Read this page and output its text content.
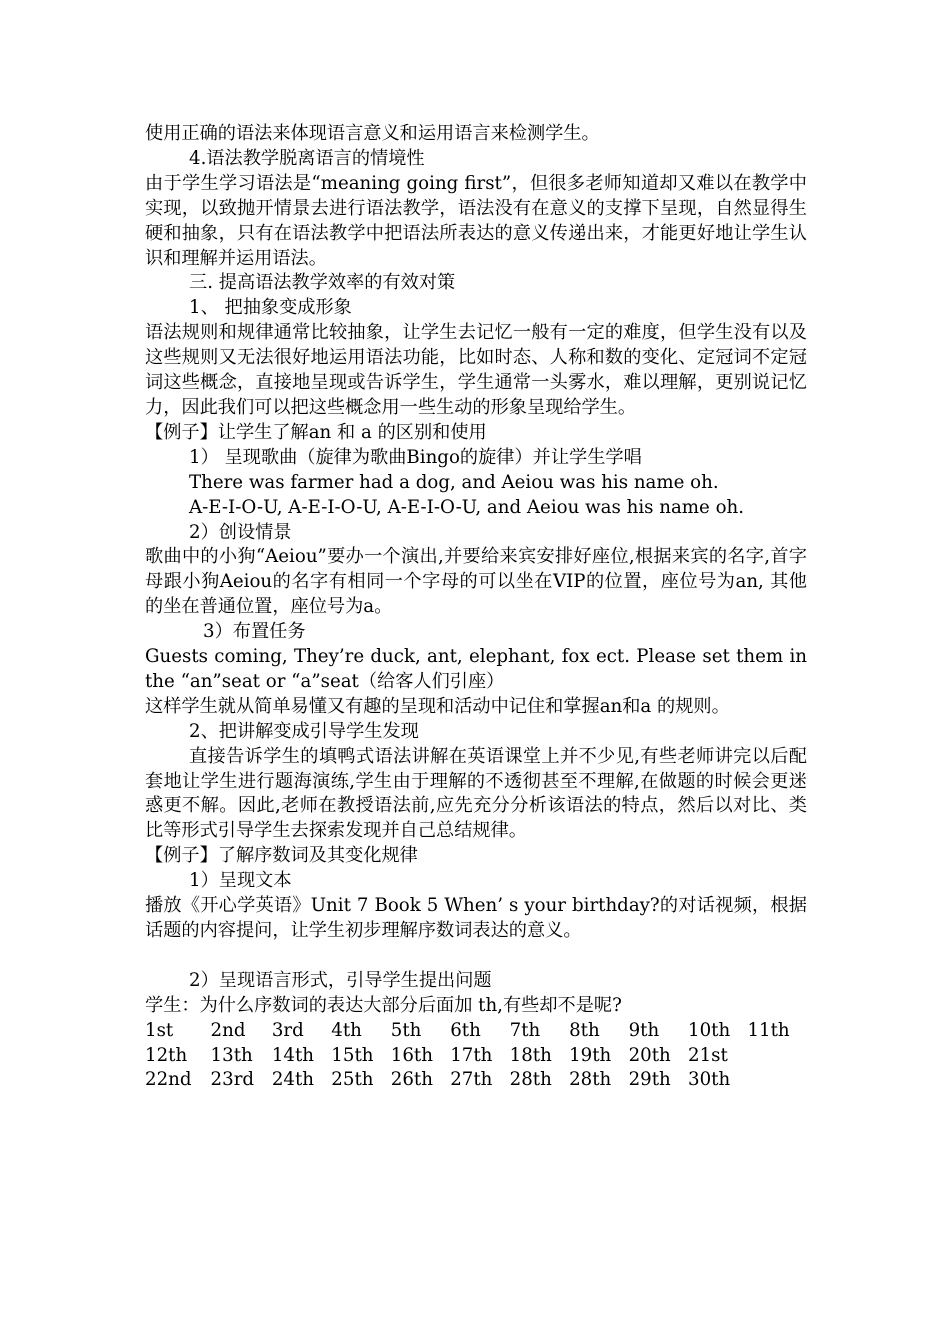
使用正确的语法来体现语言意义和运用语言来检测学生。

4.语法教学脱离语言的情境性

由于学生学习语法是“meaning going first”，但很多老师知道却又难以在教学中实现，以致抛开情景去进行语法教学，语法没有在意义的支撑下呈现，自然显得生硬和抽象，只有在语法教学中把语法所表达的意义传递出来，才能更好地让学生认识和理解并运用语法。

三. 提高语法教学效率的有效对策

1、 把抽象变成形象

语法规则和规律通常比较抽象，让学生去记忆一般有一定的难度，但学生没有以及这些规则又无法很好地运用语法功能，比如时态、人称和数的变化、定冠词不定冠词这些概念，直接地呈现或告诉学生，学生通常一头雾水，难以理解，更别说记忆力，因此我们可以把这些概念用一些生动的形象呈现给学生。

【例子】让学生了解an 和 a 的区别和使用

1） 呈现歌曲（旋律为歌曲Bingo的旋律）并让学生学唱

There was farmer had a dog, and Aeiou was his name oh.

A-E-I-O-U, A-E-I-O-U, A-E-I-O-U, and Aeiou was his name oh.

2）创设情景

歌曲中的小狗“Aeiou”要办一个演出,并要给来宾安排好座位,根据来宾的名字,首字母跟小狗Aeiou的名字有相同一个字母的可以坐在VIP的位置，座位号为an, 其他的坐在普通位置，座位号为a。

3）布置任务

Guests coming, They’re duck, ant, elephant, fox ect. Please set them in the “an”seat or “a”seat（给客人们引座）

这样学生就从简单易懂又有趣的呈现和活动中记住和掌握an和a 的规则。

2、把讲解变成引导学生发现

直接告诉学生的填鸭式语法讲解在英语课堂上并不少见,有些老师讲完以后配套地让学生进行题海演练,学生由于理解的不透彻甚至不理解,在做题的时候会更迷惑更不解。因此,老师在教授语法前,应先充分分析该语法的特点，然后以对比、类比等形式引导学生去探索发现并自己总结规律。

【例子】了解序数词及其变化规律

1）呈现文本

播放《开心学英语》Unit 7 Book 5 When’ s your birthday?的对话视频，根据话题的内容提问，让学生初步理解序数词表达的意义。

2）呈现语言形式，引导学生提出问题

学生：为什么序数词的表达大部分后面加 th,有些却不是呢?

1st	2nd	3rd	4th	5th	6th	7th	8th	9th	10th	11th
12th	13th	14th	15th	16th	17th	18th	19th	20th	21st	
22nd	23rd	24th	25th	26th	27th	28th	28th	29th	30th	
